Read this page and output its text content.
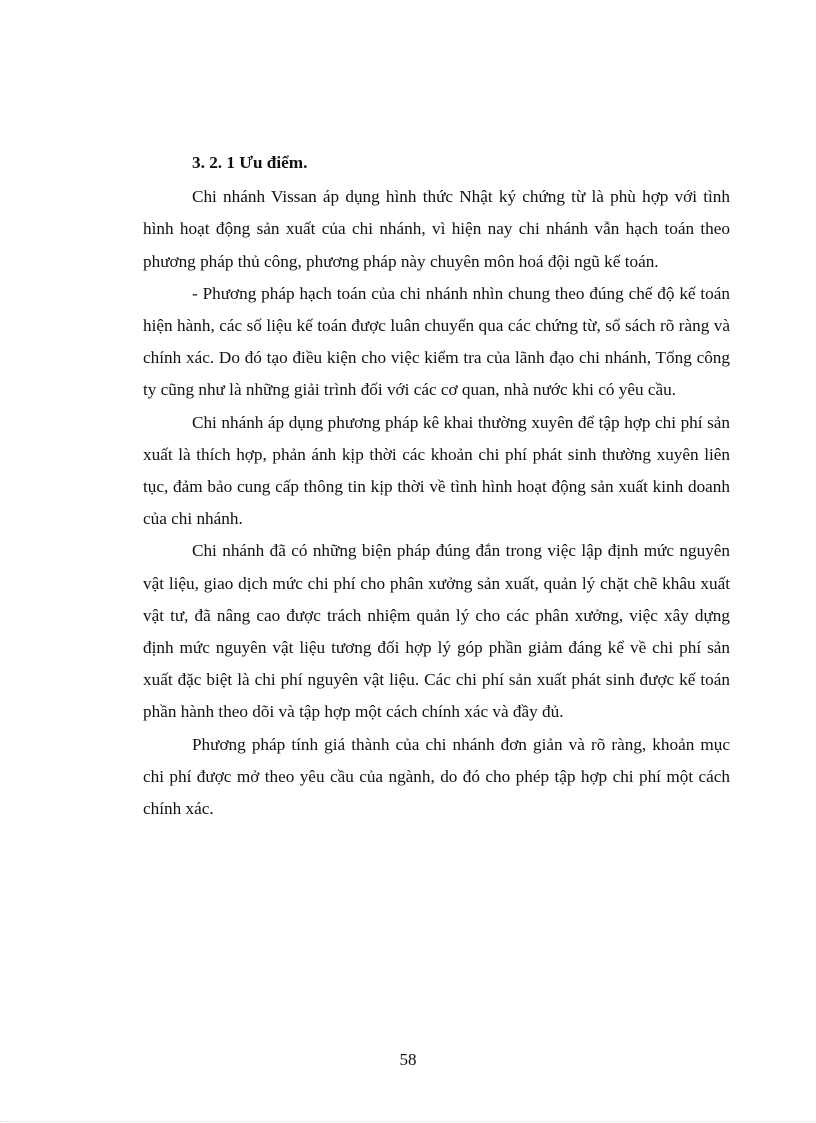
3. 2. 1 Ưu điểm.

Chi nhánh Vissan áp dụng hình thức Nhật ký chứng từ là phù hợp với tình hình hoạt động sản xuất của chi nhánh, vì hiện nay chi nhánh vẫn hạch toán theo phương pháp thủ công, phương pháp này chuyên môn hoá đội ngũ kế toán.

- Phương pháp hạch toán của chi nhánh nhìn chung theo đúng chế độ kế toán hiện hành, các số liệu kế toán được luân chuyển qua các chứng từ, sổ sách rõ ràng và chính xác. Do đó tạo điều kiện cho việc kiểm tra của lãnh đạo chi nhánh, Tổng công ty cũng như là những giải trình đối với các cơ quan, nhà nước khi có yêu cầu.

Chi nhánh áp dụng phương pháp kê khai thường xuyên để tập hợp chi phí sản xuất là thích hợp, phản ánh kịp thời các khoản chi phí phát sinh thường xuyên liên tục, đảm bảo cung cấp thông tin kịp thời về tình hình hoạt động sản xuất kinh doanh của chi nhánh.

Chi nhánh đã có những biện pháp đúng đắn trong việc lập định mức nguyên vật liệu, giao dịch mức chi phí cho phân xưởng sản xuất, quản lý chặt chẽ khâu xuất vật tư, đã nâng cao được trách nhiệm quản lý cho các phân xưởng, việc xây dựng định mức nguyên vật liệu tương đối hợp lý góp phần giảm đáng kể về chi phí sản xuất đặc biệt là chi phí nguyên vật liệu. Các chi phí sản xuất phát sinh được kế toán phần hành theo dõi và tập hợp một cách chính xác và đầy đủ.

Phương pháp tính giá thành của chi nhánh đơn giản và rõ ràng, khoản mục chi phí được mở theo yêu cầu của ngành, do đó cho phép tập hợp chi phí một cách chính xác.

58
